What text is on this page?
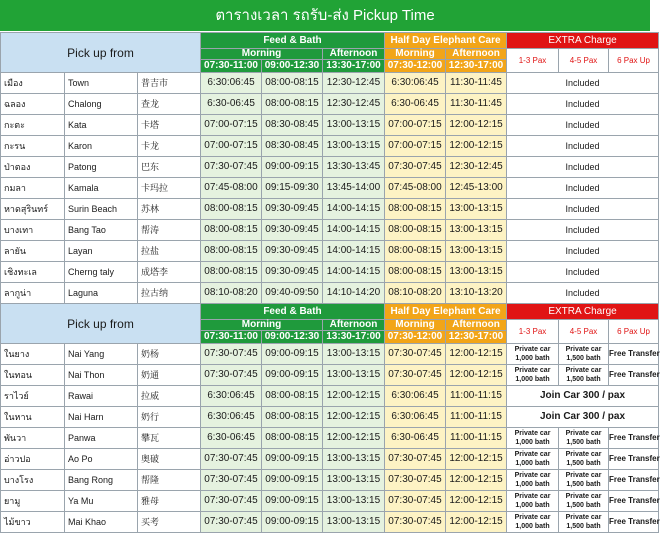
ตารางเวลา รถรับ-ส่ง Pickup Time
Pick up from			Feed & Bath			Half Day Elephant Care		EXTRA Charge		
			Morning		Afternoon	Morning	Afternoon	1-3 Pax	4-5 Pax	6 Pax Up
			07:30-11:00	09:00-12:30	13:30-17:00	07:30-12:00	12:30-17:00			
เมือง	Town	普吉市	6:30:06:45	08:00-08:15	12:30-12:45	6:30:06:45	11:30-11:45	Included		
ฉลอง	Chalong	查龙	6:30-06:45	08:00-08:15	12:30-12:45	6:30-06:45	11:30-11:45	Included		
กะตะ	Kata	卡塔	07:00-07:15	08:30-08:45	13:00-13:15	07:00-07:15	12:00-12:15	Included		
กะรน	Karon	卡龙	07:00-07:15	08:30-08:45	13:00-13:15	07:00-07:15	12:00-12:15	Included		
ป่าตอง	Patong	巴东	07:30-07:45	09:00-09:15	13:30-13:45	07:30-07:45	12:30-12:45	Included		
กมลา	Kamala	卡玛拉	07:45-08:00	09:15-09:30	13:45-14:00	07:45-08:00	12:45-13:00	Included		
หาดสุรินทร์	Surin Beach	苏林	08:00-08:15	09:30-09:45	14:00-14:15	08:00-08:15	13:00-13:15	Included		
บางเทา	Bang Tao	帮涛	08:00-08:15	09:30-09:45	14:00-14:15	08:00-08:15	13:00-13:15	Included		
ลายัน	Layan	拉盐	08:00-08:15	09:30-09:45	14:00-14:15	08:00-08:15	13:00-13:15	Included		
เชิงทะเล	Cherng taly	成塔李	08:00-08:15	09:30-09:45	14:00-14:15	08:00-08:15	13:00-13:15	Included		
ลากูน่า	Laguna	拉古纳	08:10-08:20	09:40-09:50	14:10-14:20	08:10-08:20	13:10-13:20	Included		
Pick up from			Feed & Bath			Half Day Elephant Care		EXTRA Charge		
			Morning		Afternoon	Morning	Afternoon	1-3 Pax	4-5 Pax	6 Pax Up
			07:30-11:00	09:00-12:30	13:30-17:00	07:30-12:00	12:30-17:00			
ในยาง	Nai Yang	奶杨	07:30-07:45	09:00-09:15	13:00-13:15	07:30-07:45	12:00-12:15	Private car 1,000 bath	Private car 1,500 bath	Free Transfer
ในทอน	Nai Thon	奶通	07:30-07:45	09:00-09:15	13:00-13:15	07:30-07:45	12:00-12:15	Private car 1,000 bath	Private car 1,500 bath	Free Transfer
ราไวย์	Rawai	拉威	6:30:06:45	08:00-08:15	12:00-12:15	6:30:06:45	11:00-11:15	Join Car 300 / pax		
ในหาน	Nai Harn	奶行	6:30:06:45	08:00-08:15	12:00-12:15	6:30:06:45	11:00-11:15	Join Car 300 / pax		
พันวา	Panwa	攀瓦	6:30-06:45	08:00-08:15	12:00-12:15	6:30-06:45	11:00-11:15	Private car 1,000 bath	Private car 1,500 bath	Free Transfer
อ่าวปอ	Ao Po	奥破	07:30-07:45	09:00-09:15	13:00-13:15	07:30-07:45	12:00-12:15	Private car 1,000 bath	Private car 1,500 bath	Free Transfer
บางโรง	Bang Rong	帮隆	07:30-07:45	09:00-09:15	13:00-13:15	07:30-07:45	12:00-12:15	Private car 1,000 bath	Private car 1,500 bath	Free Transfer
ยามู	Ya Mu	雅母	07:30-07:45	09:00-09:15	13:00-13:15	07:30-07:45	12:00-12:15	Private car 1,000 bath	Private car 1,500 bath	Free Transfer
ไม้ขาว	Mai Khao	买考	07:30-07:45	09:00-09:15	13:00-13:15	07:30-07:45	12:00-12:15	Private car 1,000 bath	Private car 1,500 bath	Free Transfer
